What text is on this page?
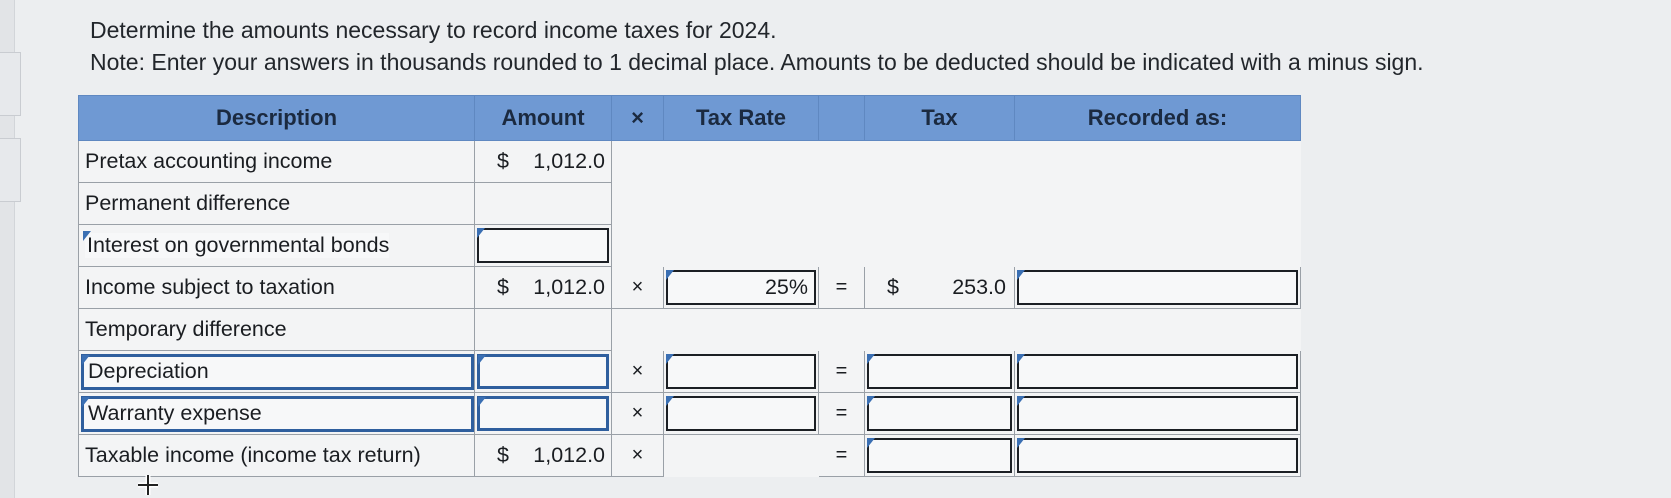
Determine the amounts necessary to record income taxes for 2024.

Note: Enter your answers in thousands rounded to 1 decimal place. Amounts to be deducted should be indicated with a minus sign.

Description	Amount	×	Tax Rate		Tax	Recorded as:
Pretax accounting income	$ 1,012.0					

Permanent difference						
Interest on governmental bonds	

Income subject to taxation	$ 1,012.0	×	25%	=	$ 253.0	

Temporary difference						

Depreciation		×		=	

Warranty expense		×		=	

Taxable income (income tax return)	$ 1,012.0	×		=	
